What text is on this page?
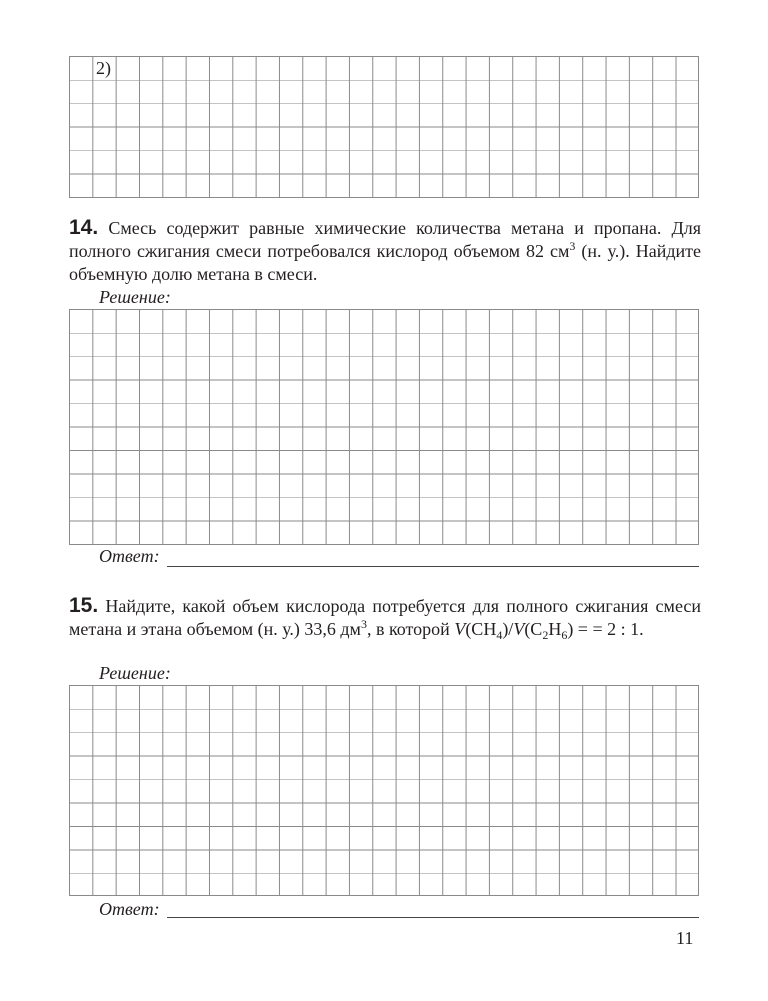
2)
14. Смесь содержит равные химические количества метана и пропана. Для полного сжигания смеси потребовался кислород объемом 82 $см^3$ (н. у.). Найдите объемную долю метана в смеси.
Решение:
Ответ:
15. Найдите, какой объем кислорода потребуется для полного сжигания смеси метана и этана объемом (н. у.) 33,6 $дм^3$, в которой $V(CH_4)/V(C_2H_6)$ = = 2 : 1.
Решение:
Ответ:
11
